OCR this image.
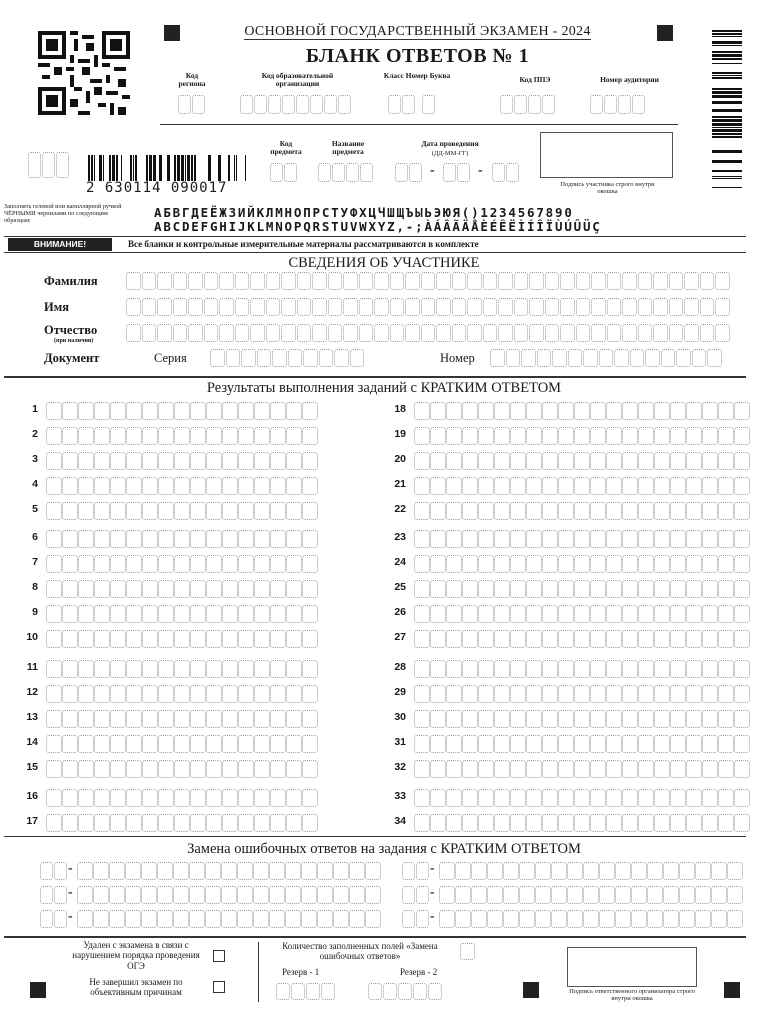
ОСНОВНОЙ ГОСУДАРСТВЕННЫЙ ЭКЗАМЕН - 2024
БЛАНК ОТВЕТОВ № 1
Код региона
Код образовательной организации
Класс Номер Буква	Код ППЭ	Номер аудитории
2 630114 090017
Код предмета
Название предмета
Дата проведения
(ДД-ММ-ГГ)
-	-
Подпись участника строго внутри окошка
Заполнять гелевой или капиллярной ручкой ЧЁРНЫМИ чернилами по следующим образцам:
АБВГДЕЁЖЗИЙКЛМНОПРСТУФХЦЧШЩЪЫЬЭЮЯ()1234567890
ABCDEFGHIJKLMNOPQRSTUVWXYZ,-;ÀÁÂÃÄÅÈÉÊËÌÍÎÏÙÚÛÜÇ
ВНИМАНИЕ!	Все бланки и контрольные измерительные материалы рассматриваются в комплекте
СВЕДЕНИЯ ОБ УЧАСТНИКЕ
Фамилия
Имя
Отчество
(при наличии)
Документ	Серия	Номер
Результаты выполнения заданий с КРАТКИМ ОТВЕТОМ
1
2
3
4
5
6
7
8
9
10
11
12
13
14
15
16
17
18
19
20
21
22
23
24
25
26
27
28
29
30
31
32
33
34
Замена ошибочных ответов на задания с КРАТКИМ ОТВЕТОМ
-	-
-	-
-	-
Удален с экзамена в связи с нарушением порядка проведения ОГЭ
Не завершил экзамен по объективным причинам
Количество заполненных полей «Замена ошибочных ответов»
Резерв - 1	Резерв - 2
Подпись ответственного организатора строго внутри окошка
